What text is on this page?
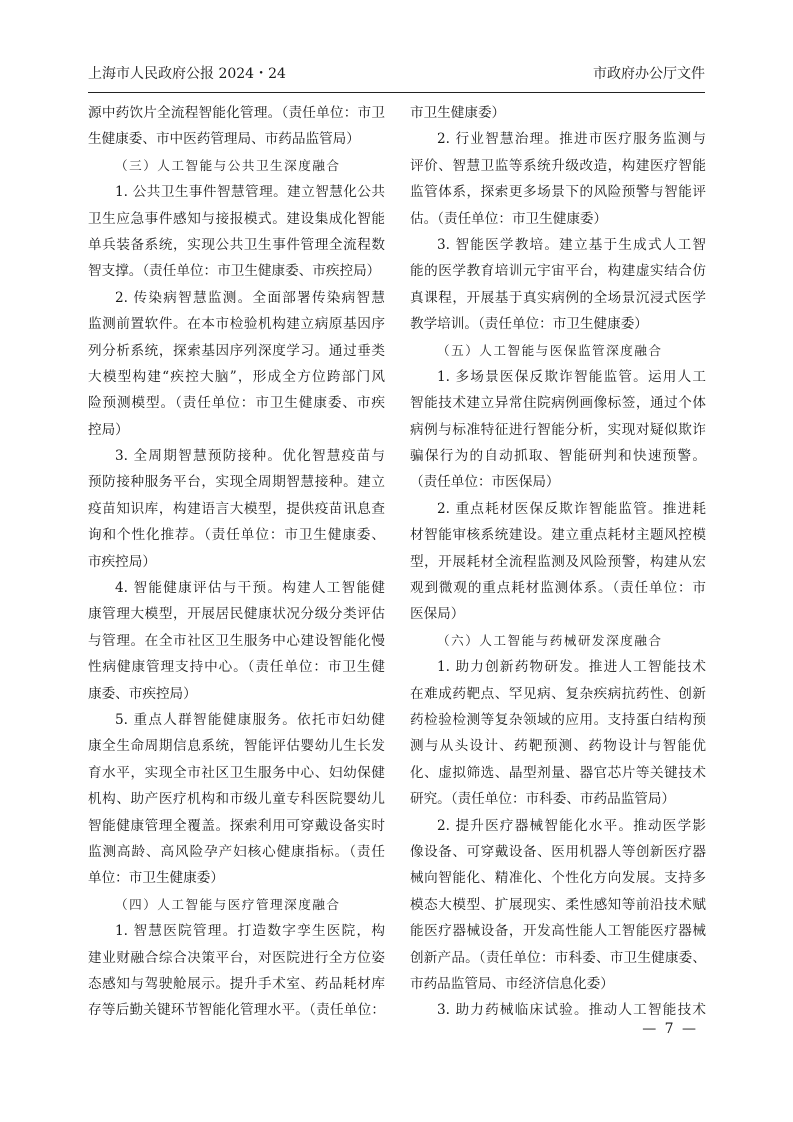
上海市人民政府公报 2024・24	市政府办公厅文件
源中药饮片全流程智能化管理。（责任单位：市卫
生健康委、市中医药管理局、市药品监管局）
（三）人工智能与公共卫生深度融合
1. 公共卫生事件智慧管理。建立智慧化公共
卫生应急事件感知与接报模式。建设集成化智能
单兵装备系统，实现公共卫生事件管理全流程数
智支撑。（责任单位：市卫生健康委、市疾控局）
2. 传染病智慧监测。全面部署传染病智慧
监测前置软件。在本市检验机构建立病原基因序
列分析系统，探索基因序列深度学习。通过垂类
大模型构建“疾控大脑”，形成全方位跨部门风
险预测模型。（责任单位：市卫生健康委、市疾
控局）
3. 全周期智慧预防接种。优化智慧疫苗与
预防接种服务平台，实现全周期智慧接种。建立
疫苗知识库，构建语言大模型，提供疫苗讯息查
询和个性化推荐。（责任单位：市卫生健康委、
市疾控局）
4. 智能健康评估与干预。构建人工智能健
康管理大模型，开展居民健康状况分级分类评估
与管理。在全市社区卫生服务中心建设智能化慢
性病健康管理支持中心。（责任单位：市卫生健
康委、市疾控局）
5. 重点人群智能健康服务。依托市妇幼健
康全生命周期信息系统，智能评估婴幼儿生长发
育水平，实现全市社区卫生服务中心、妇幼保健
机构、助产医疗机构和市级儿童专科医院婴幼儿
智能健康管理全覆盖。探索利用可穿戴设备实时
监测高龄、高风险孕产妇核心健康指标。（责任
单位：市卫生健康委）
（四）人工智能与医疗管理深度融合
1. 智慧医院管理。打造数字孪生医院，构
建业财融合综合决策平台，对医院进行全方位姿
态感知与驾驶舱展示。提升手术室、药品耗材库
存等后勤关键环节智能化管理水平。（责任单位：
市卫生健康委）
2. 行业智慧治理。推进市医疗服务监测与
评价、智慧卫监等系统升级改造，构建医疗智能
监管体系，探索更多场景下的风险预警与智能评
估。（责任单位：市卫生健康委）
3. 智能医学教培。建立基于生成式人工智
能的医学教育培训元宇宙平台，构建虚实结合仿
真课程，开展基于真实病例的全场景沉浸式医学
教学培训。（责任单位：市卫生健康委）
（五）人工智能与医保监管深度融合
1. 多场景医保反欺诈智能监管。运用人工
智能技术建立异常住院病例画像标签，通过个体
病例与标准特征进行智能分析，实现对疑似欺诈
骗保行为的自动抓取、智能研判和快速预警。
（责任单位：市医保局）
2. 重点耗材医保反欺诈智能监管。推进耗
材智能审核系统建设。建立重点耗材主题风控模
型，开展耗材全流程监测及风险预警，构建从宏
观到微观的重点耗材监测体系。（责任单位：市
医保局）
（六）人工智能与药械研发深度融合
1. 助力创新药物研发。推进人工智能技术
在难成药靶点、罕见病、复杂疾病抗药性、创新
药检验检测等复杂领域的应用。支持蛋白结构预
测与从头设计、药靶预测、药物设计与智能优
化、虚拟筛选、晶型剂量、器官芯片等关键技术
研究。（责任单位：市科委、市药品监管局）
2. 提升医疗器械智能化水平。推动医学影
像设备、可穿戴设备、医用机器人等创新医疗器
械向智能化、精准化、个性化方向发展。支持多
模态大模型、扩展现实、柔性感知等前沿技术赋
能医疗器械设备，开发高性能人工智能医疗器械
创新产品。（责任单位：市科委、市卫生健康委、
市药品监管局、市经济信息化委）
3. 助力药械临床试验。推动人工智能技术
— 7 —
